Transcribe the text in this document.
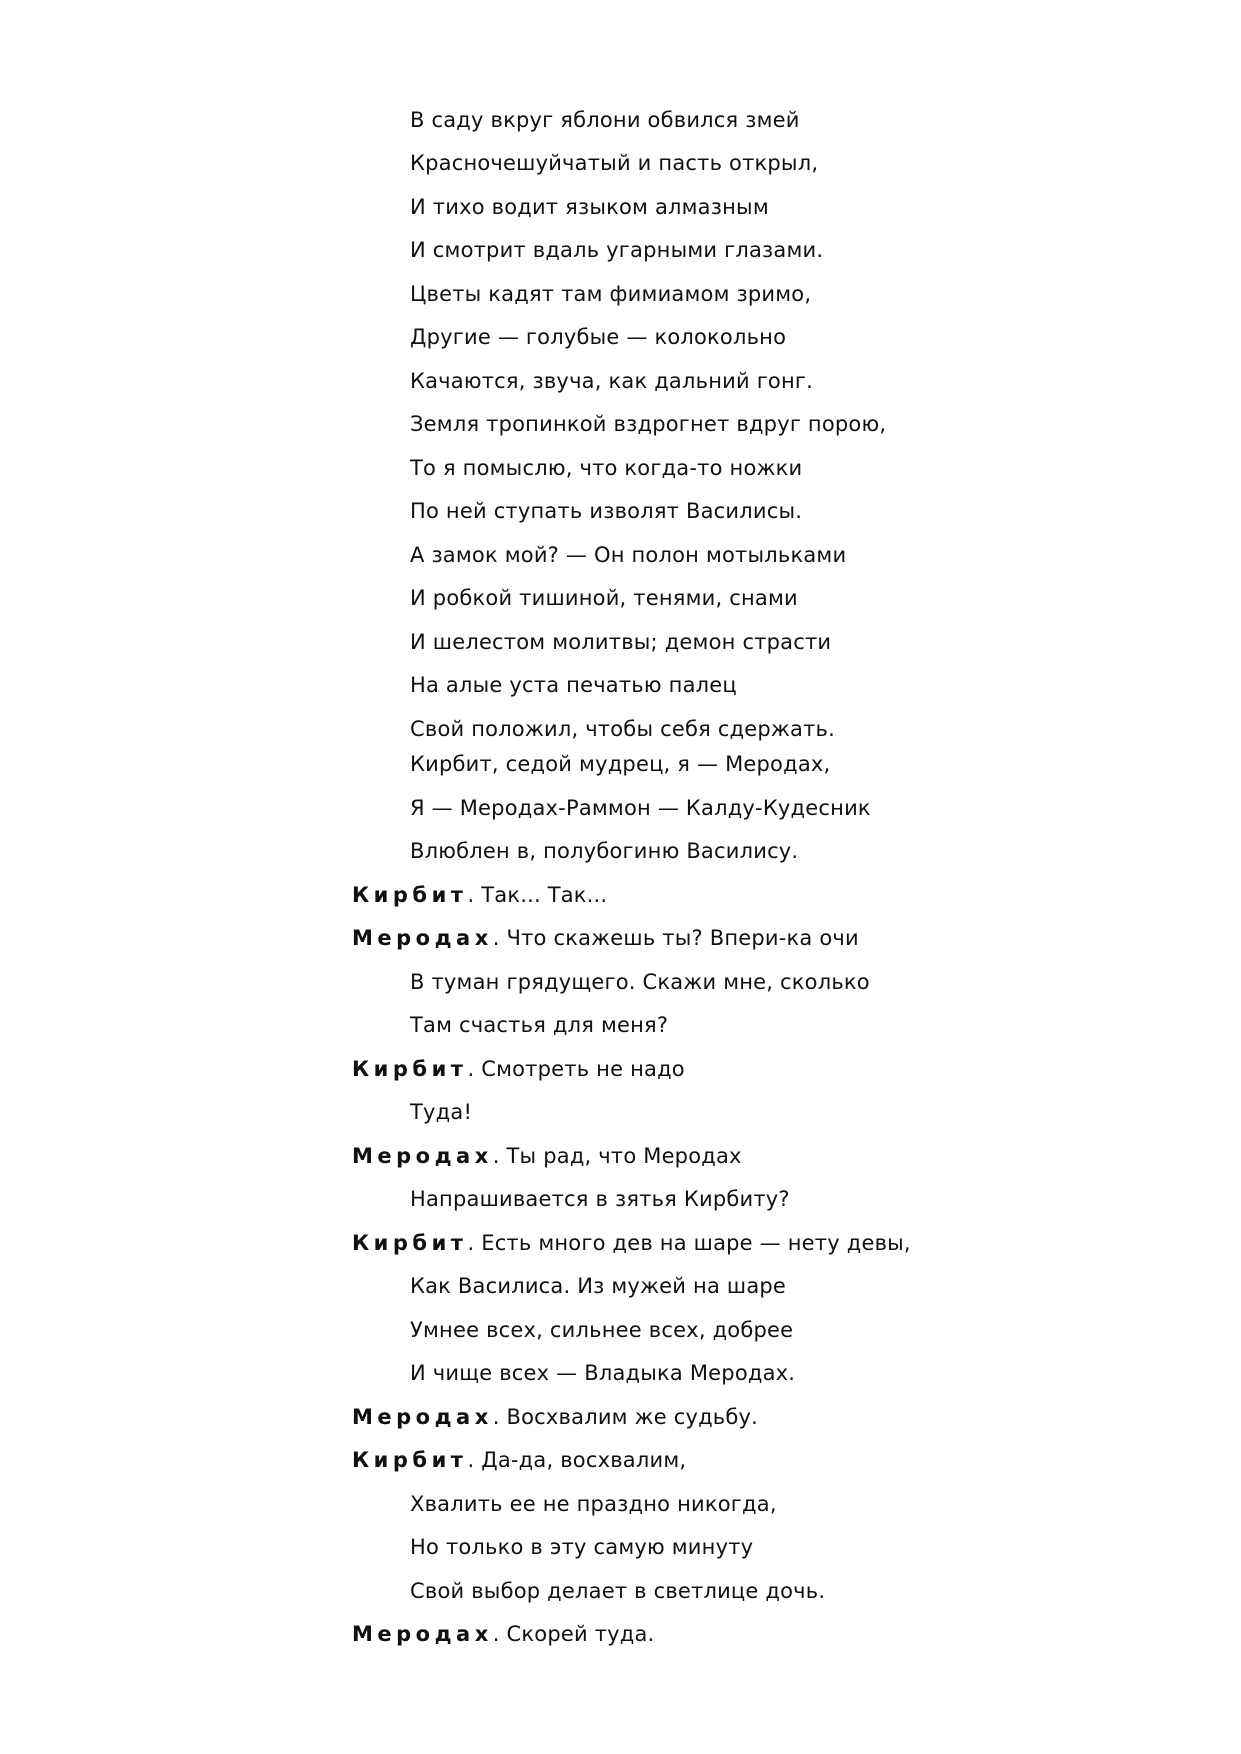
В саду вкруг яблони обвился змей
Красночешуйчатый и пасть открыл,
И тихо водит языком алмазным
И смотрит вдаль угарными глазами.
Цветы кадят там фимиамом зримо,
Другие — голубые — колокольно
Качаются, звуча, как дальний гонг.
Земля тропинкой вздрогнет вдруг порою,
То я помыслю, что когда-то ножки
По ней ступать изволят Василисы.
А замок мой? — Он полон мотыльками
И робкой тишиной, тенями, снами
И шелестом молитвы; демон страсти
На алые уста печатью палец
Свой положил, чтобы себя сдержать.
Кирбит, седой мудрец, я — Меродах,
Я — Меродах-Раммон — Калду-Кудесник
Влюблен в, полубогиню Василису.
Кирбит. Так... Так...
Меродах. Что скажешь ты? Впери-ка очи
В туман грядущего. Скажи мне, сколько
Там счастья для меня?
Кирбит. Смотреть не надо
Туда!
Меродах. Ты рад, что Меродах
Напрашивается в зятья Кирбиту?
Кирбит. Есть много дев на шаре — нету девы,
Как Василиса. Из мужей на шаре
Умнее всех, сильнее всех, добрее
И чище всех — Владыка Меродах.
Меродах. Восхвалим же судьбу.
Кирбит. Да-да, восхвалим,
Хвалить ее не праздно никогда,
Но только в эту самую минуту
Свой выбор делает в светлице дочь.
Меродах. Скорей туда.
